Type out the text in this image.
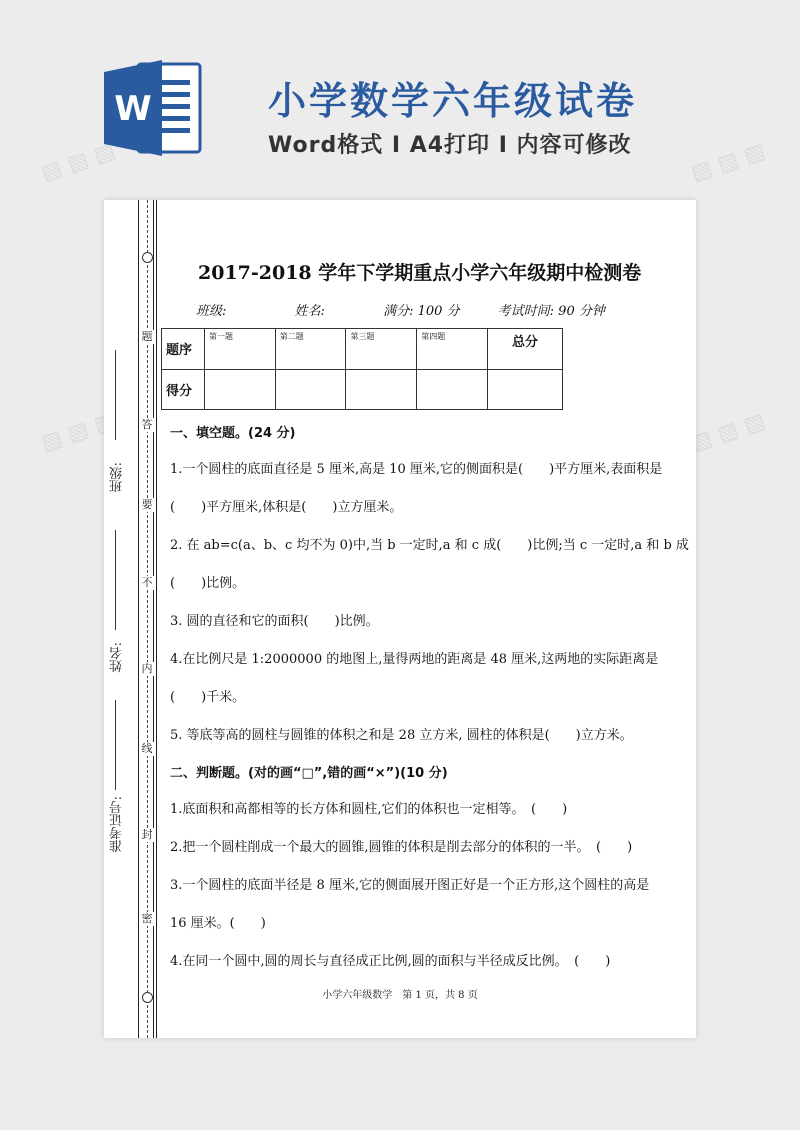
W	小学数学六年级试卷
Word格式 I A4打印 I 内容可修改
▧ ▧ ▧	▧ ▧ ▧
▧ ▧ ▧	▧ ▧ ▧
题
答
要
不
内
线
封
密
班级:
姓名:
准考证号:
2017-2018 学年下学期重点小学六年级期中检测卷
班级:	姓名:	满分: 100 分	考试时间: 90 分钟
题序	第一题	第二题	第三题	第四题	总分
得分					
一、填空题。(24 分)
1.一个圆柱的底面直径是 5 厘米,高是 10 厘米,它的侧面积是(　　)平方厘米,表面积是
(　　)平方厘米,体积是(　　)立方厘米。
2. 在 ab=c(a、b、c 均不为 0)中,当 b 一定时,a 和 c 成(　　)比例;当 c 一定时,a 和 b 成
(　　)比例。
3. 圆的直径和它的面积(　　)比例。
4.在比例尺是 1:2000000 的地图上,量得两地的距离是 48 厘米,这两地的实际距离是
(　　)千米。
5. 等底等高的圆柱与圆锥的体积之和是 28 立方米, 圆柱的体积是(　　)立方米。
二、判断题。(对的画“□”,错的画“×”)(10 分)
1.底面积和高都相等的长方体和圆柱,它们的体积也一定相等。　(　　)
2.把一个圆柱削成一个最大的圆锥,圆锥的体积是削去部分的体积的一半。　(　　)
3.一个圆柱的底面半径是 8 厘米,它的侧面展开图正好是一个正方形,这个圆柱的高是
16 厘米。(　　)
4.在同一个圆中,圆的周长与直径成正比例,圆的面积与半径成反比例。　(　　)
小学六年级数学　第 1 页，共 8 页
